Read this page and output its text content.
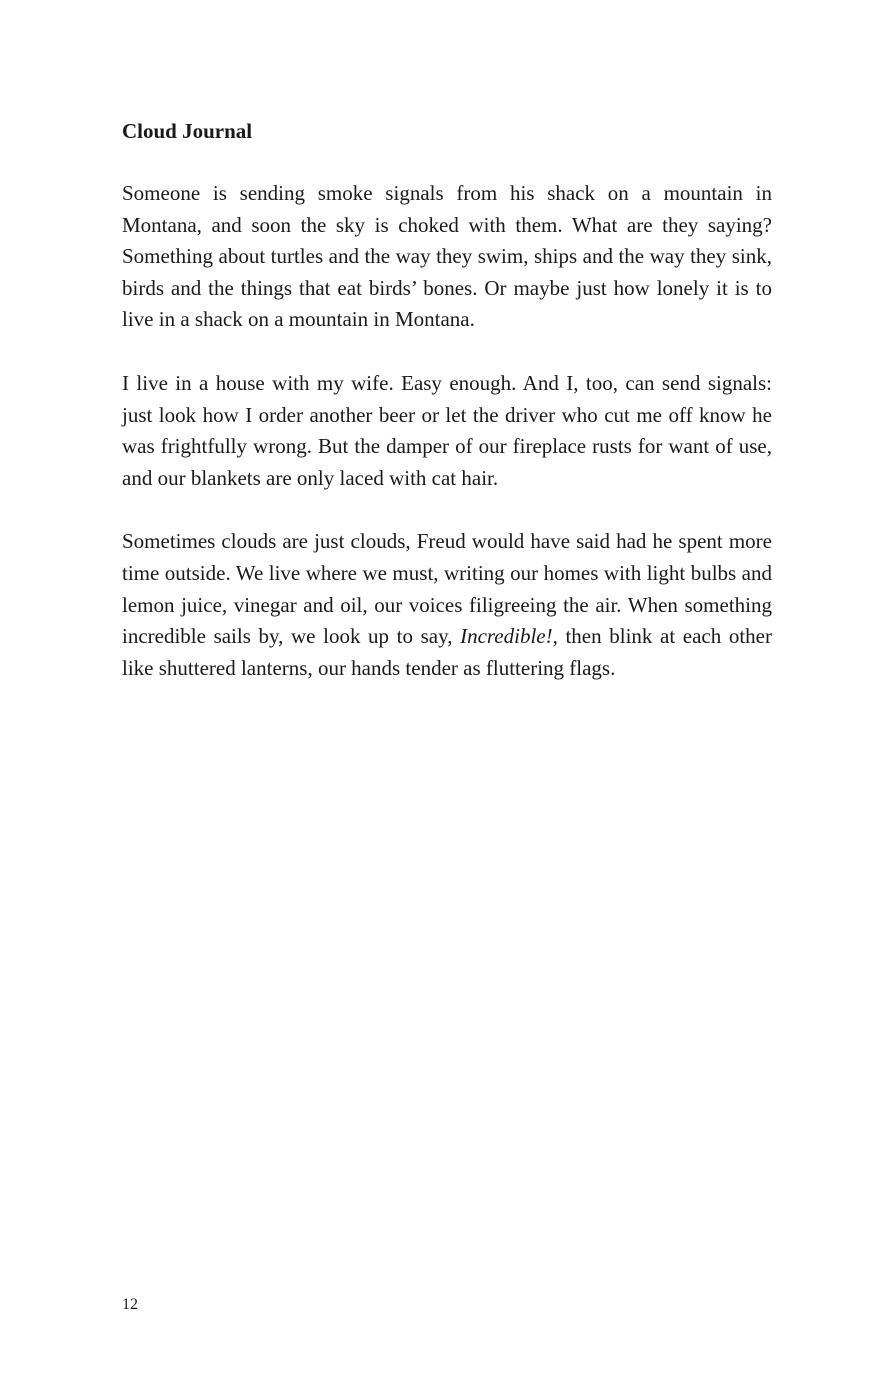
Cloud Journal

Someone is sending smoke signals from his shack on a mountain in Montana, and soon the sky is choked with them. What are they saying? Something about turtles and the way they swim, ships and the way they sink, birds and the things that eat birds’ bones. Or maybe just how lonely it is to live in a shack on a mountain in Montana.

I live in a house with my wife. Easy enough. And I, too, can send signals: just look how I order another beer or let the driver who cut me off know he was frightfully wrong. But the damper of our fireplace rusts for want of use, and our blankets are only laced with cat hair.

Sometimes clouds are just clouds, Freud would have said had he spent more time outside. We live where we must, writing our homes with light bulbs and lemon juice, vinegar and oil, our voices filigreeing the air. When something incredible sails by, we look up to say, Incredible!, then blink at each other like shuttered lanterns, our hands tender as fluttering flags.

12
